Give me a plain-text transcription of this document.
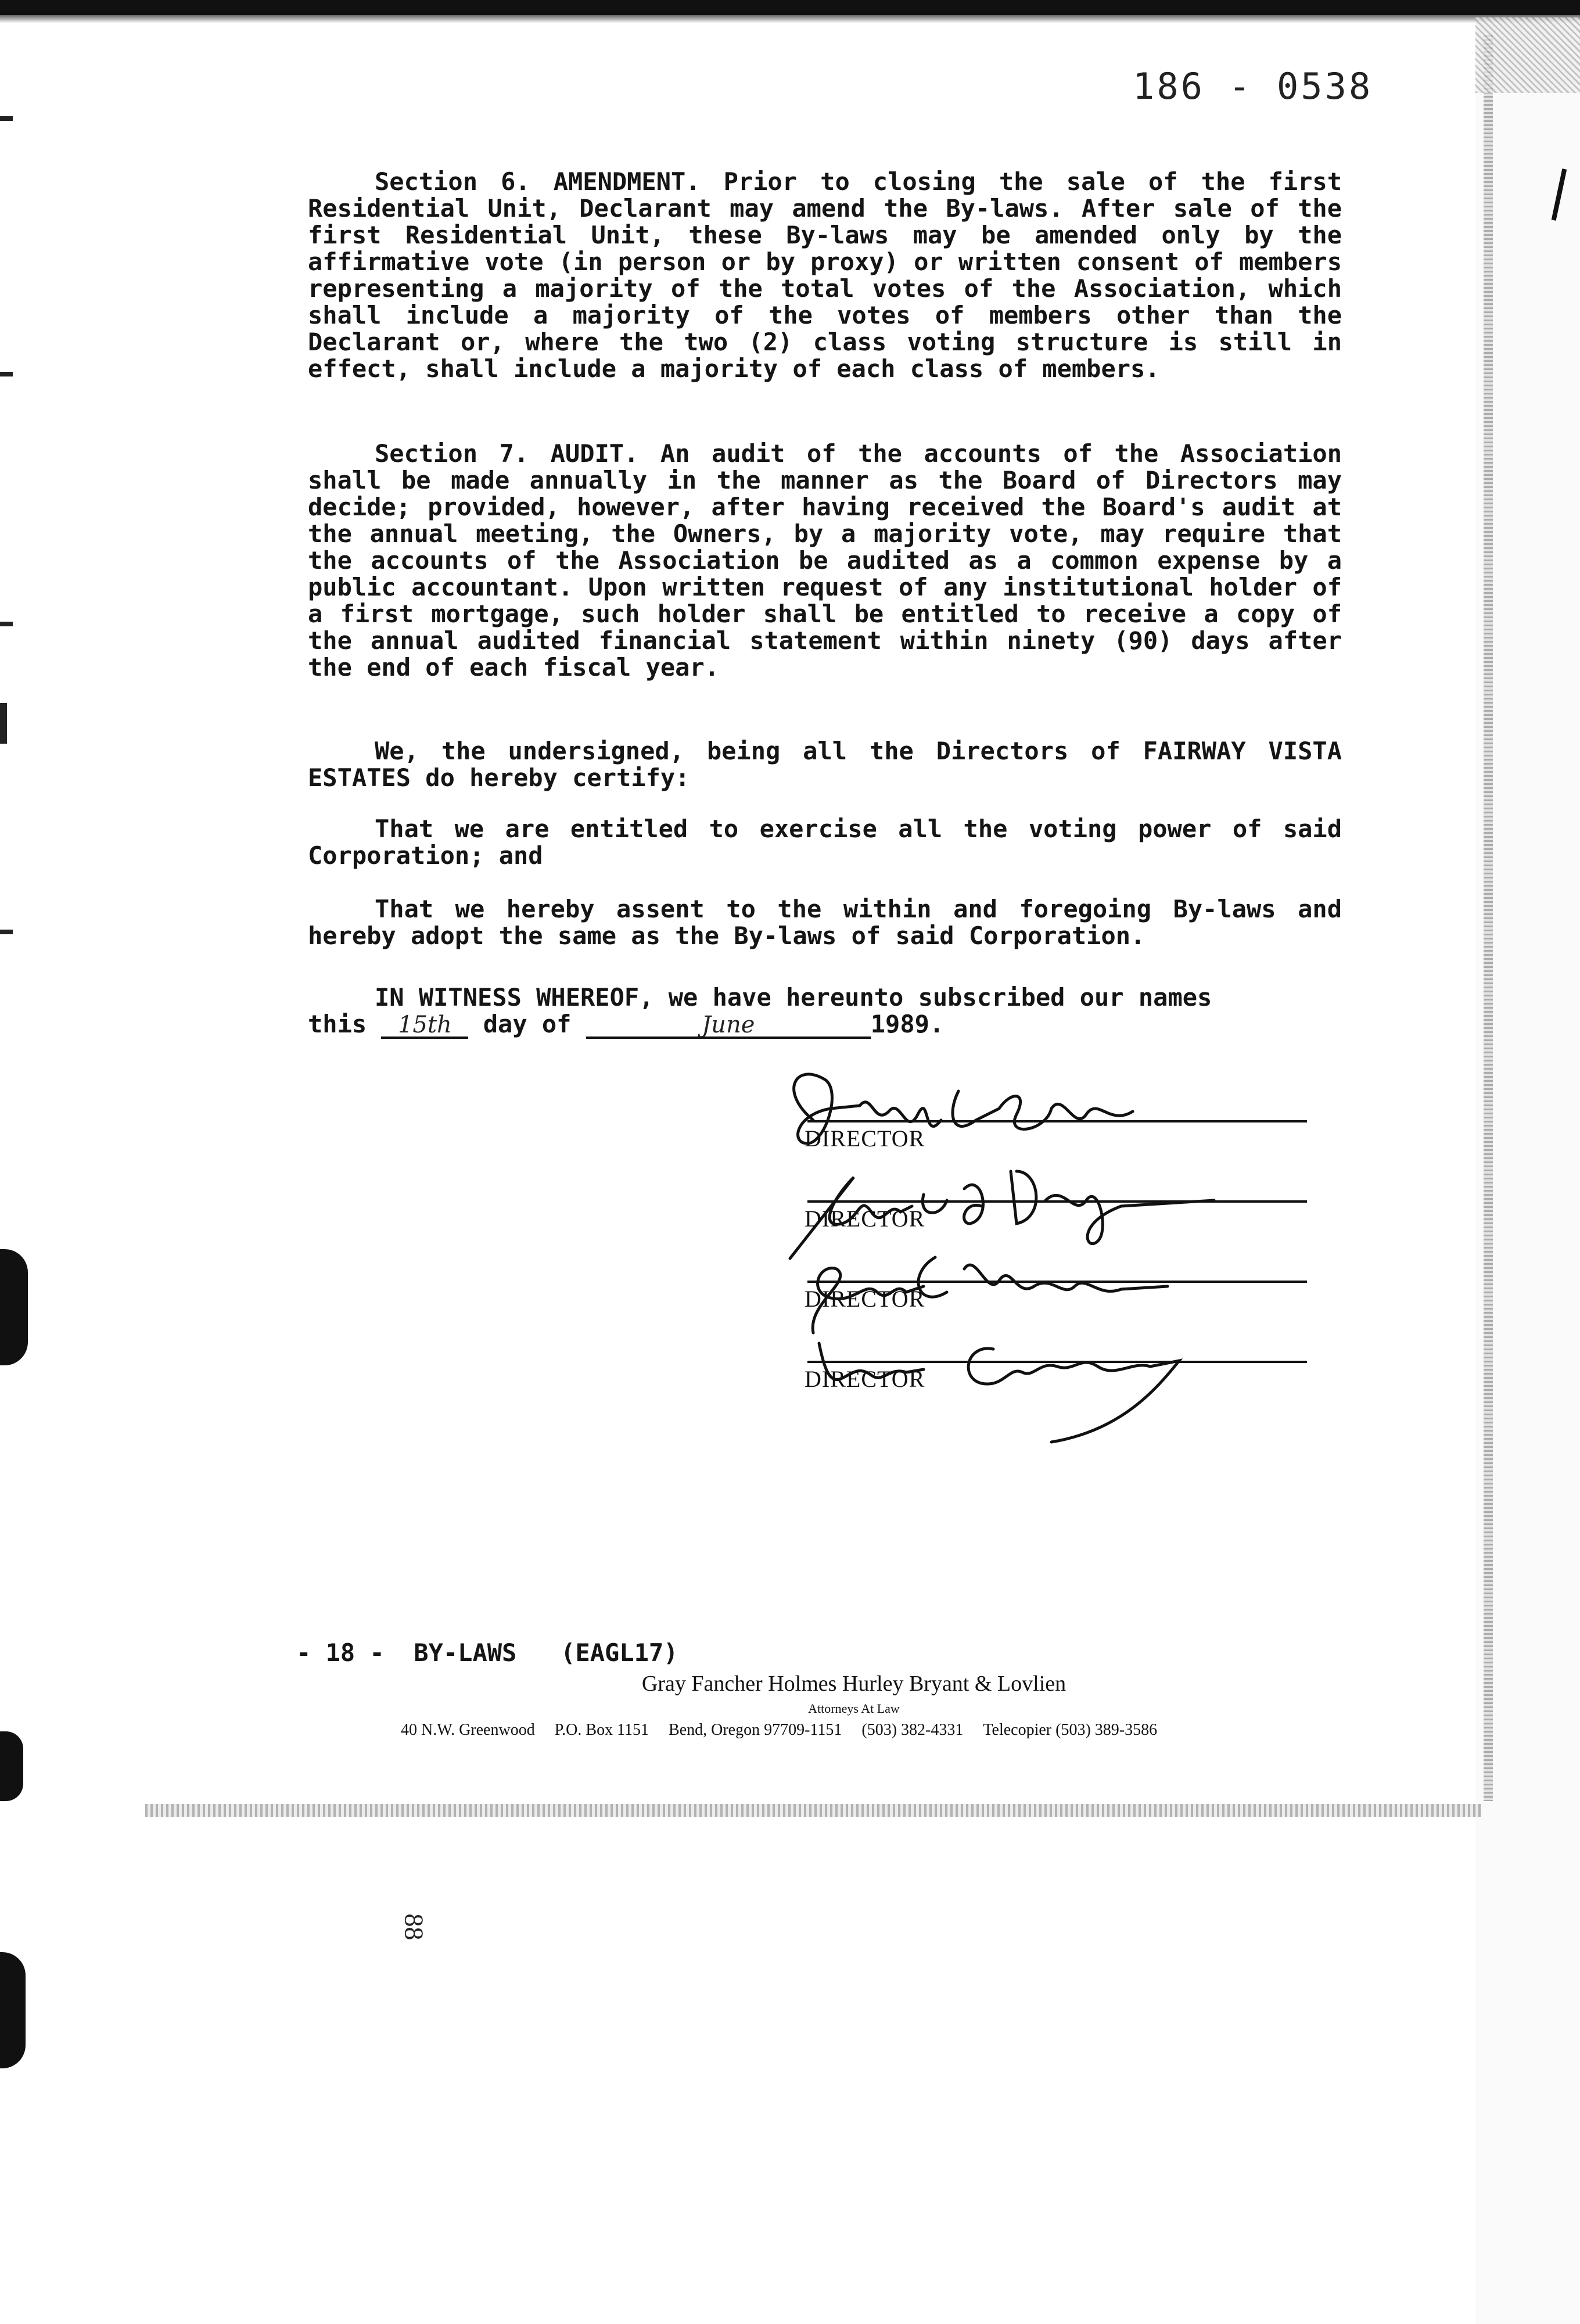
186 - 0538

Section 6. AMENDMENT. Prior to closing the sale of the first Residential Unit, Declarant may amend the By-laws. After sale of the first Residential Unit, these By-laws may be amended only by the affirmative vote (in person or by proxy) or written consent of members representing a majority of the total votes of the Association, which shall include a majority of the votes of members other than the Declarant or, where the two (2) class voting structure is still in effect, shall include a majority of each class of members.

Section 7. AUDIT. An audit of the accounts of the Association shall be made annually in the manner as the Board of Directors may decide; provided, however, after having received the Board's audit at the annual meeting, the Owners, by a majority vote, may require that the accounts of the Association be audited as a common expense by a public accountant. Upon written request of any institutional holder of a first mortgage, such holder shall be entitled to receive a copy of the annual audited financial statement within ninety (90) days after the end of each fiscal year.

We, the undersigned, being all the Directors of FAIRWAY VISTA ESTATES do hereby certify:

That we are entitled to exercise all the voting power of said Corporation; and

That we hereby assent to the within and foregoing By-laws and hereby adopt the same as the By-laws of said Corporation.

IN WITNESS WHEREOF, we have hereunto subscribed our names

this 15th day of	June	1989.
DIRECTOR
DIRECTOR
DIRECTOR
DIRECTOR
- 18 - BY-LAWS (EAGL17)
Gray Fancher Holmes Hurley Bryant & Lovlien
Attorneys At Law
40 N.W. Greenwood P.O. Box 1151 Bend, Oregon 97709-1151 (503) 382-4331 Telecopier (503) 389-3586
88
